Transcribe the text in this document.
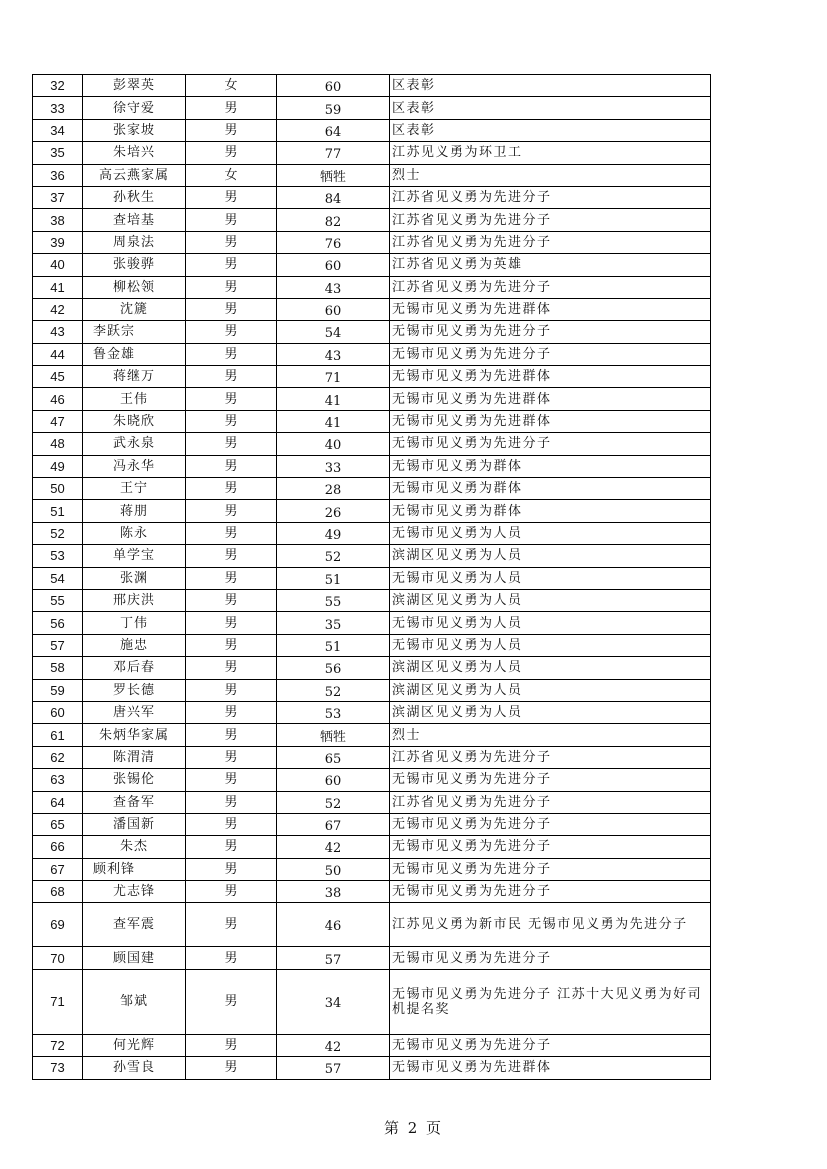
32	彭翠英	女	60	区表彰
33	徐守爱	男	59	区表彰
34	张家坡	男	64	区表彰
35	朱培兴	男	77	江苏见义勇为环卫工
36	高云燕家属	女	牺牲	烈士
37	孙秋生	男	84	江苏省见义勇为先进分子
38	查培基	男	82	江苏省见义勇为先进分子
39	周泉法	男	76	江苏省见义勇为先进分子
40	张骏骅	男	60	江苏省见义勇为英雄
41	柳松领	男	43	江苏省见义勇为先进分子
42	沈篪	男	60	无锡市见义勇为先进群体
43	李跃宗	男	54	无锡市见义勇为先进分子
44	鲁金雄	男	43	无锡市见义勇为先进分子
45	蒋继万	男	71	无锡市见义勇为先进群体
46	王伟	男	41	无锡市见义勇为先进群体
47	朱晓欣	男	41	无锡市见义勇为先进群体
48	武永泉	男	40	无锡市见义勇为先进分子
49	冯永华	男	33	无锡市见义勇为群体
50	王宁	男	28	无锡市见义勇为群体
51	蒋朋	男	26	无锡市见义勇为群体
52	陈永	男	49	无锡市见义勇为人员
53	单学宝	男	52	滨湖区见义勇为人员
54	张渊	男	51	无锡市见义勇为人员
55	邢庆洪	男	55	滨湖区见义勇为人员
56	丁伟	男	35	无锡市见义勇为人员
57	施忠	男	51	无锡市见义勇为人员
58	邓后春	男	56	滨湖区见义勇为人员
59	罗长德	男	52	滨湖区见义勇为人员
60	唐兴军	男	53	滨湖区见义勇为人员
61	朱炳华家属	男	牺牲	烈士
62	陈渭清	男	65	江苏省见义勇为先进分子
63	张锡伦	男	60	无锡市见义勇为先进分子
64	查备军	男	52	江苏省见义勇为先进分子
65	潘国新	男	67	无锡市见义勇为先进分子
66	朱杰	男	42	无锡市见义勇为先进分子
67	顾利锋	男	50	无锡市见义勇为先进分子
68	尤志锋	男	38	无锡市见义勇为先进分子
69	查军震	男	46	江苏见义勇为新市民 无锡市见义勇为先进分子
70	顾国建	男	57	无锡市见义勇为先进分子
71	邹斌	男	34	无锡市见义勇为先进分子 江苏十大见义勇为好司机提名奖
72	何光辉	男	42	无锡市见义勇为先进分子
73	孙雪良	男	57	无锡市见义勇为先进群体
第 2 页
